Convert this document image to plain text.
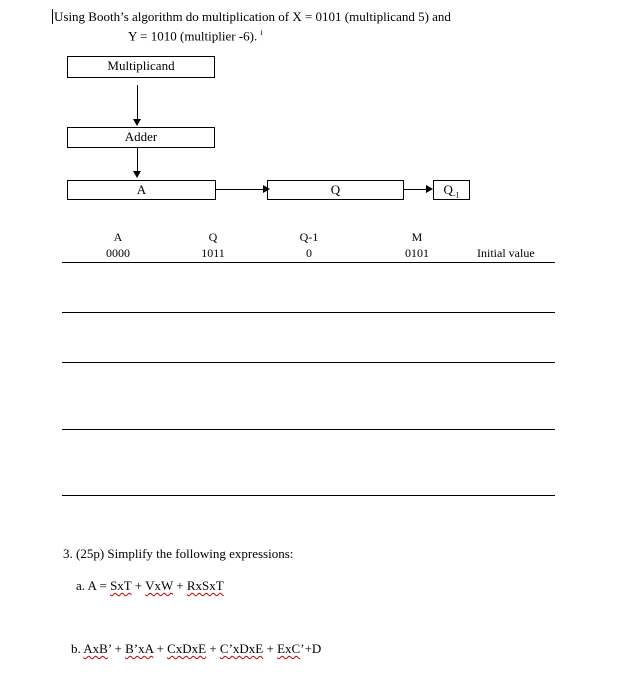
Using Booth’s algorithm do multiplication of X = 0101 (multiplicand 5) and
Y = 1010 (multiplier -6). $^i$
Multiplicand
Adder
A	Q	$Q_{-1}$
A	Q	Q-1	M
0000	1011	0	0101	Initial value
3. (25p) Simplify the following expressions:
a. A = SxT + VxW + RxSxT
b. AxB’ + B’xA + CxDxE + C’xDxE + ExC’+D
